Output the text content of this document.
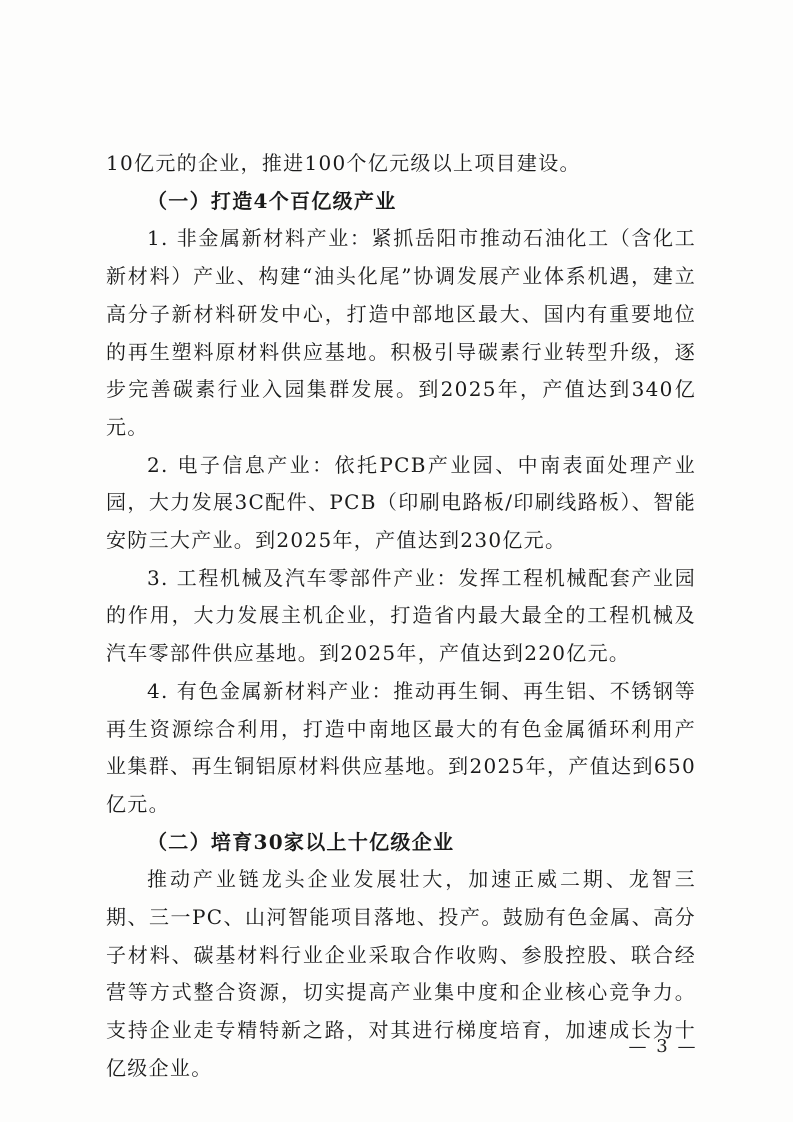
10亿元的企业，推进100个亿元级以上项目建设。

（一）打造4个百亿级产业

1. 非金属新材料产业：紧抓岳阳市推动石油化工（含化工新材料）产业、构建“油头化尾”协调发展产业体系机遇，建立高分子新材料研发中心，打造中部地区最大、国内有重要地位的再生塑料原材料供应基地。积极引导碳素行业转型升级，逐步完善碳素行业入园集群发展。到2025年，产值达到340亿元。

2. 电子信息产业：依托PCB产业园、中南表面处理产业园，大力发展3C配件、PCB（印刷电路板/印刷线路板）、智能安防三大产业。到2025年，产值达到230亿元。

3. 工程机械及汽车零部件产业：发挥工程机械配套产业园的作用，大力发展主机企业，打造省内最大最全的工程机械及汽车零部件供应基地。到2025年，产值达到220亿元。

4. 有色金属新材料产业：推动再生铜、再生铝、不锈钢等再生资源综合利用，打造中南地区最大的有色金属循环利用产业集群、再生铜铝原材料供应基地。到2025年，产值达到650亿元。

（二）培育30家以上十亿级企业

推动产业链龙头企业发展壮大，加速正威二期、龙智三期、三一PC、山河智能项目落地、投产。鼓励有色金属、高分子材料、碳基材料行业企业采取合作收购、参股控股、联合经营等方式整合资源，切实提高产业集中度和企业核心竞争力。支持企业走专精特新之路，对其进行梯度培育，加速成长为十亿级企业。

— 3 —
